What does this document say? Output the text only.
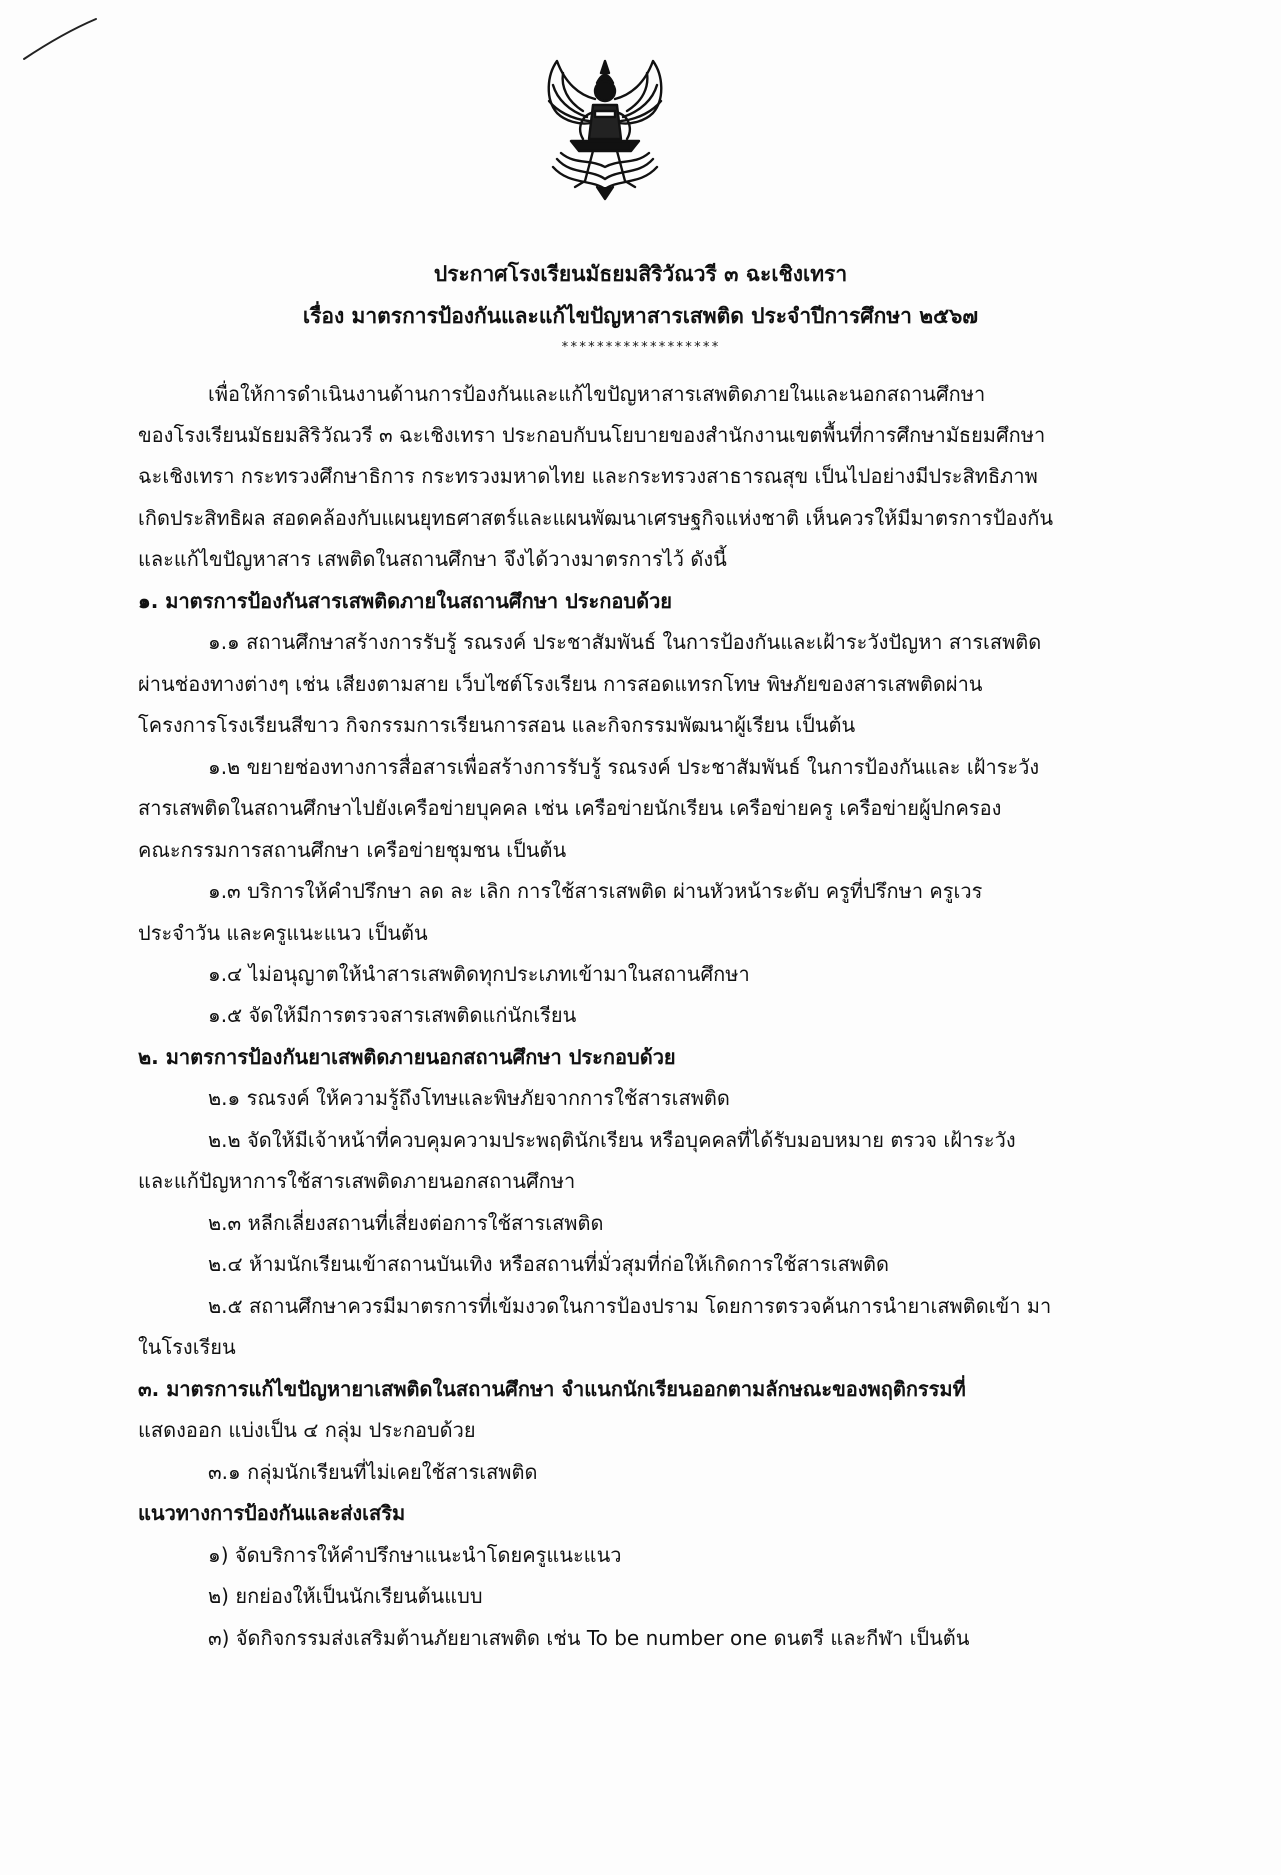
ประกาศโรงเรียนมัธยมสิริวัณวรี ๓ ฉะเชิงเทรา
เรื่อง มาตรการป้องกันและแก้ไขปัญหาสารเสพติด ประจำปีการศึกษา ๒๕๖๗
******************
เพื่อให้การดำเนินงานด้านการป้องกันและแก้ไขปัญหาสารเสพติดภายในและนอกสถานศึกษา
ของโรงเรียนมัธยมสิริวัณวรี ๓ ฉะเชิงเทรา ประกอบกับนโยบายของสำนักงานเขตพื้นที่การศึกษามัธยมศึกษา
ฉะเชิงเทรา กระทรวงศึกษาธิการ กระทรวงมหาดไทย และกระทรวงสาธารณสุข เป็นไปอย่างมีประสิทธิภาพ
เกิดประสิทธิผล สอดคล้องกับแผนยุทธศาสตร์และแผนพัฒนาเศรษฐกิจแห่งชาติ เห็นควรให้มีมาตรการป้องกัน
และแก้ไขปัญหาสาร เสพติดในสถานศึกษา จึงได้วางมาตรการไว้ ดังนี้
๑. มาตรการป้องกันสารเสพติดภายในสถานศึกษา ประกอบด้วย
๑.๑ สถานศึกษาสร้างการรับรู้ รณรงค์ ประชาสัมพันธ์ ในการป้องกันและเฝ้าระวังปัญหา สารเสพติด
ผ่านช่องทางต่างๆ เช่น เสียงตามสาย เว็บไซต์โรงเรียน การสอดแทรกโทษ พิษภัยของสารเสพติดผ่าน
โครงการโรงเรียนสีขาว กิจกรรมการเรียนการสอน และกิจกรรมพัฒนาผู้เรียน เป็นต้น
๑.๒ ขยายช่องทางการสื่อสารเพื่อสร้างการรับรู้ รณรงค์ ประชาสัมพันธ์ ในการป้องกันและ เฝ้าระวัง
สารเสพติดในสถานศึกษาไปยังเครือข่ายบุคคล เช่น เครือข่ายนักเรียน เครือข่ายครู เครือข่ายผู้ปกครอง
คณะกรรมการสถานศึกษา เครือข่ายชุมชน เป็นต้น
๑.๓ บริการให้คำปรึกษา ลด ละ เลิก การใช้สารเสพติด ผ่านหัวหน้าระดับ ครูที่ปรึกษา ครูเวร
ประจำวัน และครูแนะแนว เป็นต้น
๑.๔ ไม่อนุญาตให้นำสารเสพติดทุกประเภทเข้ามาในสถานศึกษา
๑.๕ จัดให้มีการตรวจสารเสพติดแก่นักเรียน
๒. มาตรการป้องกันยาเสพติดภายนอกสถานศึกษา ประกอบด้วย
๒.๑ รณรงค์ ให้ความรู้ถึงโทษและพิษภัยจากการใช้สารเสพติด
๒.๒ จัดให้มีเจ้าหน้าที่ควบคุมความประพฤตินักเรียน หรือบุคคลที่ได้รับมอบหมาย ตรวจ เฝ้าระวัง
และแก้ปัญหาการใช้สารเสพติดภายนอกสถานศึกษา
๒.๓ หลีกเลี่ยงสถานที่เสี่ยงต่อการใช้สารเสพติด
๒.๔ ห้ามนักเรียนเข้าสถานบันเทิง หรือสถานที่มั่วสุมที่ก่อให้เกิดการใช้สารเสพติด
๒.๕ สถานศึกษาควรมีมาตรการที่เข้มงวดในการป้องปราม โดยการตรวจค้นการนำยาเสพติดเข้า มา
ในโรงเรียน
๓. มาตรการแก้ไขปัญหายาเสพติดในสถานศึกษา จำแนกนักเรียนออกตามลักษณะของพฤติกรรมที่
แสดงออก แบ่งเป็น ๔ กลุ่ม ประกอบด้วย
๓.๑ กลุ่มนักเรียนที่ไม่เคยใช้สารเสพติด
แนวทางการป้องกันและส่งเสริม
๑) จัดบริการให้คำปรึกษาแนะนำโดยครูแนะแนว
๒) ยกย่องให้เป็นนักเรียนต้นแบบ
๓) จัดกิจกรรมส่งเสริมต้านภัยยาเสพติด เช่น To be number one ดนตรี และกีฬา เป็นต้น
